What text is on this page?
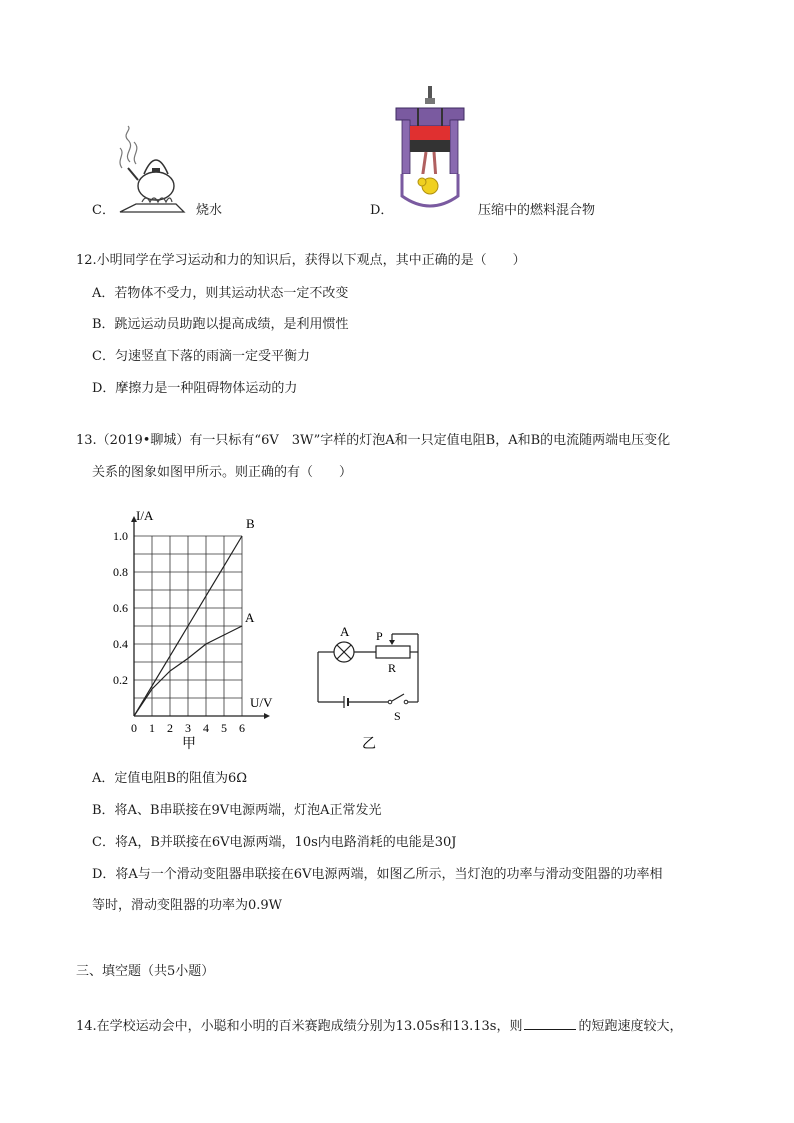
C．	烧水	D．	压缩中的燃料混合物
12.小明同学在学习运动和力的知识后，获得以下观点，其中正确的是（　　）
A．若物体不受力，则其运动状态一定不改变
B．跳远运动员助跑以提高成绩，是利用惯性
C．匀速竖直下落的雨滴一定受平衡力
D．摩擦力是一种阻碍物体运动的力
13.（2019•聊城）有一只标有“6V　3W”字样的灯泡A和一只定值电阻B，A和B的电流随两端电压变化
关系的图象如图甲所示。则正确的有（　　）
1.0
0.8
0.6
0.4
0.2
0 1 2 3 4 5 6
I/A
U/V
B
A
甲
A P
R
S
乙
A．定值电阻B的阻值为6Ω
B．将A、B串联接在9V电源两端，灯泡A正常发光
C．将A，B并联接在6V电源两端，10s内电路消耗的电能是30J
D．将A与一个滑动变阻器串联接在6V电源两端，如图乙所示，当灯泡的功率与滑动变阻器的功率相
等时，滑动变阻器的功率为0.9W
三、填空题（共5小题）
14.在学校运动会中，小聪和小明的百米赛跑成绩分别为13.05s和13.13s，则	的短跑速度较大，
